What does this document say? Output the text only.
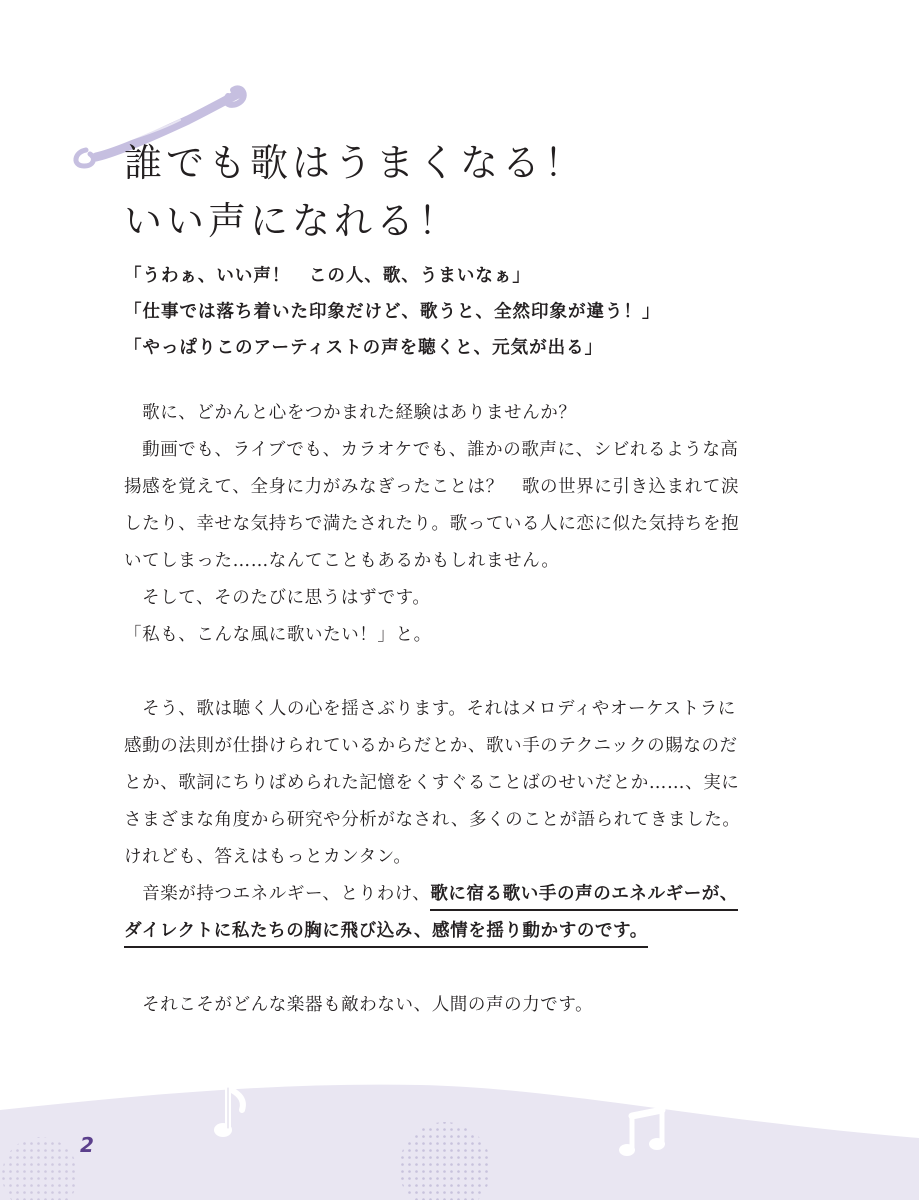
誰でも歌はうまくなる！
いい声になれる！
「うわぁ、いい声！　この人、歌、うまいなぁ」
「仕事では落ち着いた印象だけど、歌うと、全然印象が違う！」
「やっぱりこのアーティストの声を聴くと、元気が出る」
　歌に、どかんと心をつかまれた経験はありませんか？
　動画でも、ライブでも、カラオケでも、誰かの歌声に、シビれるような高
揚感を覚えて、全身に力がみなぎったことは？　歌の世界に引き込まれて涙
したり、幸せな気持ちで満たされたり。歌っている人に恋に似た気持ちを抱
いてしまった……なんてこともあるかもしれません。
　そして、そのたびに思うはずです。
「私も、こんな風に歌いたい！」と。
　そう、歌は聴く人の心を揺さぶります。それはメロディやオーケストラに
感動の法則が仕掛けられているからだとか、歌い手のテクニックの賜なのだ
とか、歌詞にちりばめられた記憶をくすぐることばのせいだとか……、実に
さまざまな角度から研究や分析がなされ、多くのことが語られてきました。
けれども、答えはもっとカンタン。
　音楽が持つエネルギー、とりわけ、歌に宿る歌い手の声のエネルギーが、
ダイレクトに私たちの胸に飛び込み、感情を揺り動かすのです。
　それこそがどんな楽器も敵わない、人間の声の力です。
2
